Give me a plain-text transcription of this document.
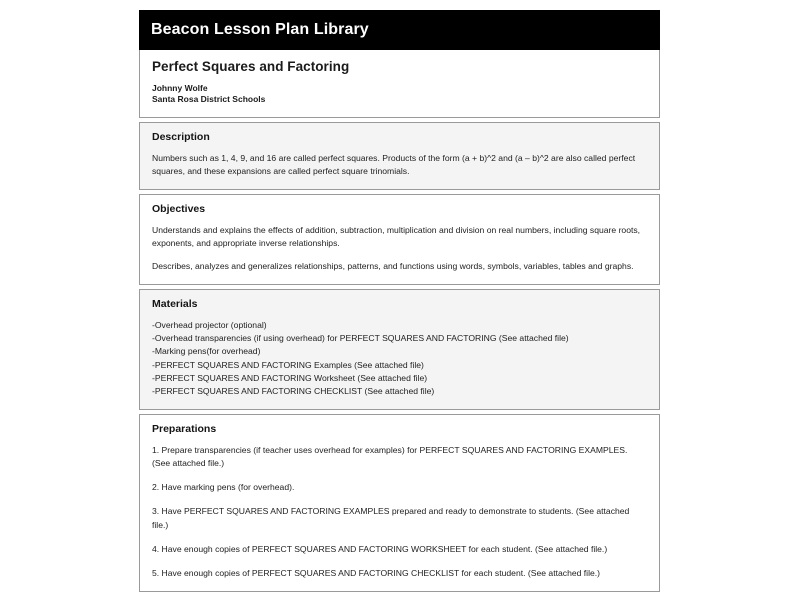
Beacon Lesson Plan Library
Perfect Squares and Factoring
Johnny Wolfe
Santa Rosa District Schools
Description

Numbers such as 1, 4, 9, and 16 are called perfect squares. Products of the form (a + b)^2 and (a – b)^2 are also called perfect squares, and these expansions are called perfect square trinomials.

Objectives

Understands and explains the effects of addition, subtraction, multiplication and division on real numbers, including square roots, exponents, and appropriate inverse relationships.

Describes, analyzes and generalizes relationships, patterns, and functions using words, symbols, variables, tables and graphs.

Materials
-Overhead projector (optional)
-Overhead transparencies (if using overhead) for PERFECT SQUARES AND FACTORING (See attached file)
-Marking pens(for overhead)
-PERFECT SQUARES AND FACTORING Examples (See attached file)
-PERFECT SQUARES AND FACTORING Worksheet (See attached file)
-PERFECT SQUARES AND FACTORING CHECKLIST (See attached file)
Preparations

1. Prepare transparencies (if teacher uses overhead for examples) for PERFECT SQUARES AND FACTORING EXAMPLES. (See attached file.)

2. Have marking pens (for overhead).

3. Have PERFECT SQUARES AND FACTORING EXAMPLES prepared and ready to demonstrate to students. (See attached file.)

4. Have enough copies of PERFECT SQUARES AND FACTORING WORKSHEET for each student. (See attached file.)

5. Have enough copies of PERFECT SQUARES AND FACTORING CHECKLIST for each student. (See attached file.)
